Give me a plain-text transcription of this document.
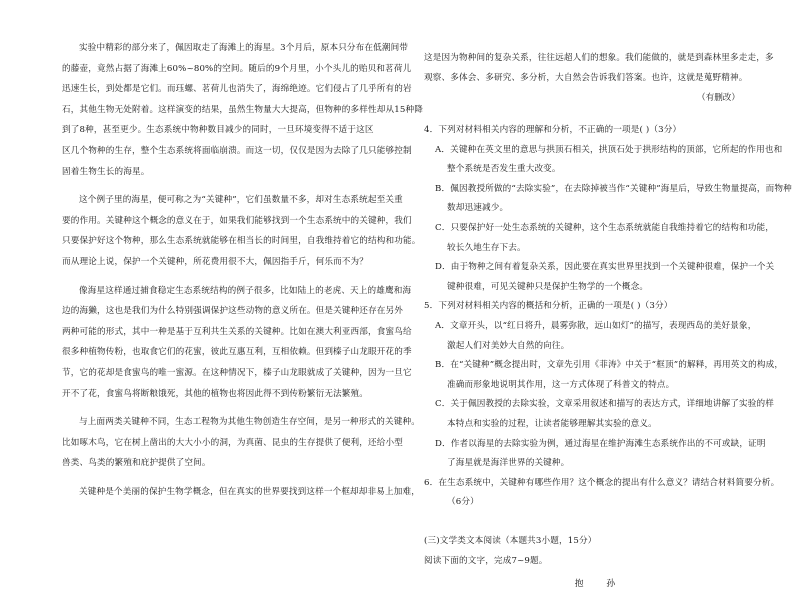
实验中精彩的部分来了，佩因取走了海滩上的海星。3个月后，原本只分布在低潮间带

的藤壶，竟然占据了海滩上60%~80%的空间。随后的9个月里，小个头儿的贻贝和茗荷儿

迅速生长，到处都是它们。而珏螺、茗荷儿也消失了，海绵绝迹。它们侵占了几乎所有的岩

石，其他生物无处附着。这样演变的结果，虽然生物量大大提高，但物种的多样性却从15种降

到了8种，甚至更少。生态系统中物种数目减少的同时，一旦环境变得不适于这区

区几个物种的生存，整个生态系统将面临崩溃。而这一切，仅仅是因为去除了几只能够控制

固着生物生长的海星。

这个例子里的海星，便可称之为“关键种”，它们虽数量不多，却对生态系统起至关重

要的作用。关键种这个概念的意义在于，如果我们能够找到一个生态系统中的关键种，我们

只要保护好这个物种，那么生态系统就能够在相当长的时间里，自我维持着它的结构和功能。

而从理论上说，保护一个关键种，所花费用很不大，佩因指手斤，何乐而不为？

像海星这样通过捕食稳定生态系统结构的例子很多，比如陆上的老虎、天上的雄鹰和海

边的海獭，这也是我们为什么特别强调保护这些动物的意义所在。但是关键种还存在另外

两种可能的形式，其中一种是基于互利共生关系的关键种。比如在澳大利亚西部，食蜜鸟给

很多种植物传粉，也取食它们的花蜜，彼此互惠互利，互相依赖。但到榛子山龙眼开花的季

节，它的花却是食蜜鸟的唯一蜜源。在这种情况下，榛子山龙眼就成了关键种，因为一旦它

开不了花，食蜜鸟将断粮饿死，其他的植物也将因此得不到传粉繁衍无法繁殖。

与上面两类关键种不同，生态工程物为其他生物创造生存空间，是另一种形式的关键种。

比如啄木鸟，它在树上凿出的大大小小的洞，为真菌、昆虫的生存提供了便利，还给小型

兽类、鸟类的繁殖和庇护提供了空间。

关键种是个美丽的保护生物学概念，但在真实的世界要找到这样一个框却却非易上加难，

这是因为物种间的复杂关系，往往远超人们的想象。我们能做的，就是到森林里多走走，多
观察、多体会、多研究、多分析，大自然会告诉我们答案。也许，这就是蒐野精神。
（有删改）
4．下列对材料相关内容的理解和分析，不正确的一项是( )（3分）
A．关键种在英文里的意思与拱顶石相关，拱顶石处于拱形结构的顶部，它所起的作用也和
整个系统是否发生重大改变。
B．佩因教授所做的“去除实验”，在去除掉被当作“关键种”海星后，导致生物量提高，而物种
数却迅速减少。
C．只要保护好一处生态系统的关键种，这个生态系统就能自我维持着它的结构和功能，
较长久地生存下去。
D．由于物种之间有着复杂关系，因此要在真实世界里找到一个关键种很难，保护一个关
键种很难，可见关键种只是保护生物学的一个概念。
5．下列对材料相关内容的概括和分析，正确的一项是( )（3分）
A．文章开头，以“红日将升，晨雾弥散，远山如灯”的描写，表现西岛的美好景象，
激起人们对美妙大自然的向往。
B．在“关键种”概念提出时，文章先引用《菲涛》中关于“框顶”的解释，再用英文的构成，
准确而形象地说明其作用，这一方式体现了科普文的特点。
C．关于佩因教授的去除实验，文章采用叙述和描写的表达方式，详细地讲解了实验的样
本特点和实验的过程，让读者能够理解其实验的意义。
D．作者以海星的去除实验为例，通过海星在维护海滩生态系统作出的不可或缺，证明
了海星就是海洋世界的关键种。
6．在生态系统中，关键种有哪些作用？这个概念的提出有什么意义？请结合材料简要分析。
（6分）
(三)文学类文本阅读（本题共3小题，15分）
阅读下面的文字，完成7~9题。
抱 孙
